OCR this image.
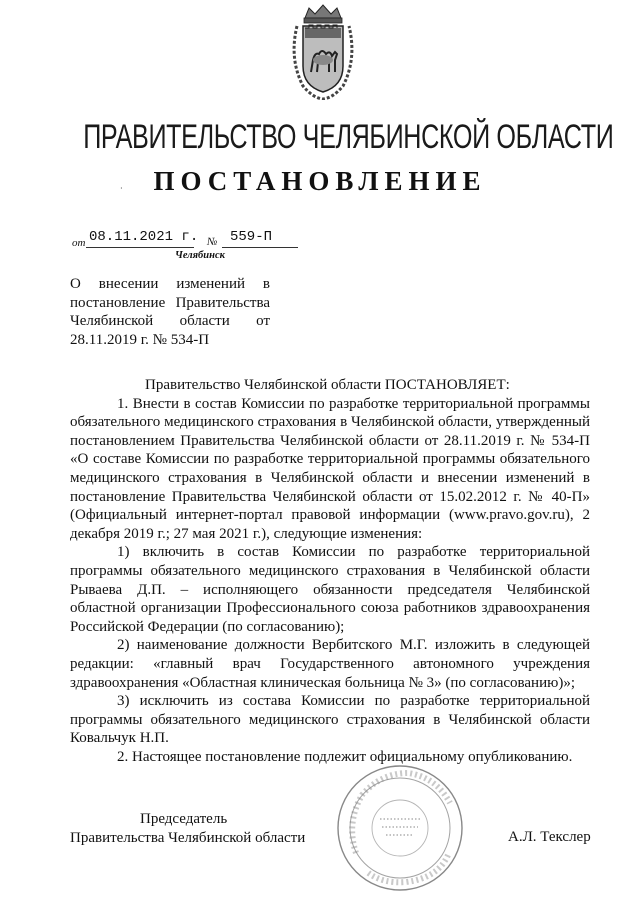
ПРАВИТЕЛЬСТВО ЧЕЛЯБИНСКОЙ ОБЛАСТИ
ПОСТАНОВЛЕНИЕ
·
от 08.11.2021 г. № 559-П
Челябинск

О внесении изменений в постановление Правительства Челябинской области от 28.11.2019 г. № 534-П

Правительство Челябинской области ПОСТАНОВЛЯЕТ:

1. Внести в состав Комиссии по разработке территориальной программы обязательного медицинского страхования в Челябинской области, утвержденный постановлением Правительства Челябинской области от 28.11.2019 г. № 534-П «О составе Комиссии по разработке территориальной программы обязательного медицинского страхования в Челябинской области и внесении изменений в постановление Правительства Челябинской области от 15.02.2012 г. № 40-П» (Официальный интернет-портал правовой информации (www.pravo.gov.ru), 2 декабря 2019 г.; 27 мая 2021 г.), следующие изменения:

1) включить в состав Комиссии по разработке территориальной программы обязательного медицинского страхования в Челябинской области Рываева Д.П. – исполняющего обязанности председателя Челябинской областной организации Профессионального союза работников здравоохранения Российской Федерации (по согласованию);

2) наименование должности Вербитского М.Г. изложить в следующей редакции: «главный врач Государственного автономного учреждения здравоохранения «Областная клиническая больница № 3» (по согласованию)»;

3) исключить из состава Комиссии по разработке территориальной программы обязательного медицинского страхования в Челябинской области Ковальчук Н.П.

2. Настоящее постановление подлежит официальному опубликованию.

Председатель
Правительства Челябинской области	А.Л. Текслер
